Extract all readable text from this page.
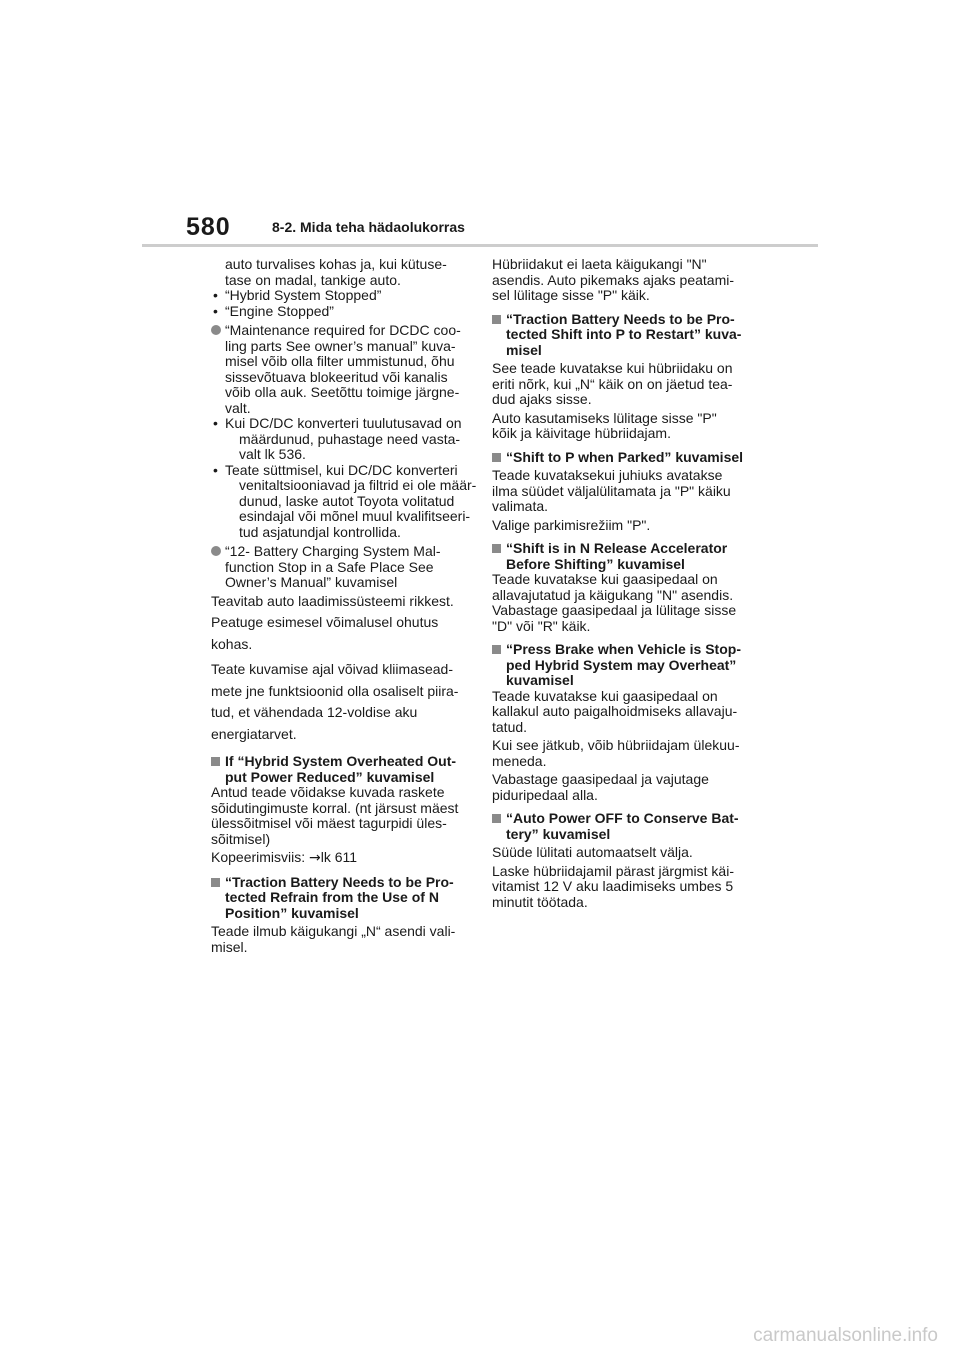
580	8-2. Mida teha hädaolukorras
auto turvalises kohas ja, kui kütuse-
tase on madal, tankige auto.
• “Hybrid System Stopped”
• “Engine Stopped”
“Maintenance required for DCDC coo-
ling parts See owner’s manual” kuva-
misel võib olla filter ummistunud, õhu
sissevõtuava blokeeritud või kanalis
võib olla auk. Seetõttu toimige järgne-
valt.
• Kui DC/DC konverteri tuulutusavad on
määrdunud, puhastage need vasta-
valt lk 536.
• Teate süttmisel, kui DC/DC konverteri
venitaltsiooniavad ja filtrid ei ole määr-
dunud, laske autot Toyota volitatud
esindajal või mõnel muul kvalifitseeri-
tud asjatundjal kontrollida.
“12- Battery Charging System Mal-
function Stop in a Safe Place See
Owner’s Manual” kuvamisel
Teavitab auto laadimissüsteemi rikkest.
Peatuge esimesel võimalusel ohutus
kohas.
Teate kuvamise ajal võivad kliimasead-
mete jne funktsioonid olla osaliselt piira-
tud, et vähendada 12-voldise aku
energiatarvet.
If “Hybrid System Overheated Out-
put Power Reduced” kuvamisel
Antud teade võidakse kuvada raskete
sõidutingimuste korral. (nt järsust mäest
ülessõitmisel või mäest tagurpidi üles-
sõitmisel)
Kopeerimisviis: →lk 611
“Traction Battery Needs to be Pro-
tected Refrain from the Use of N
Position” kuvamisel
Teade ilmub käigukangi „N“ asendi vali-
misel.
Hübriidakut ei laeta käigukangi "N"
asendis. Auto pikemaks ajaks peatami-
sel lülitage sisse "P" käik.
“Traction Battery Needs to be Pro-
tected Shift into P to Restart” kuva-
misel
See teade kuvatakse kui hübriidaku on
eriti nõrk, kui „N“ käik on on jäetud tea-
dud ajaks sisse.
Auto kasutamiseks lülitage sisse "P"
kõik ja käivitage hübriidajam.
“Shift to P when Parked” kuvamisel
Teade kuvataksekui juhiuks avatakse
ilma süüdet väljalülitamata ja "P" käiku
valimata.
Valige parkimisrežiim "P".
“Shift is in N Release Accelerator
Before Shifting” kuvamisel
Teade kuvatakse kui gaasipedaal on
allavajutatud ja käigukang "N" asendis.
Vabastage gaasipedaal ja lülitage sisse
"D" või "R" käik.
“Press Brake when Vehicle is Stop-
ped Hybrid System may Overheat”
kuvamisel
Teade kuvatakse kui gaasipedaal on
kallakul auto paigalhoidmiseks allavaju-
tatud.
Kui see jätkub, võib hübriidajam ülekuu-
meneda.
Vabastage gaasipedaal ja vajutage
piduripedaal alla.
“Auto Power OFF to Conserve Bat-
tery” kuvamisel
Süüde lülitati automaatselt välja.
Laske hübriidajamil pärast järgmist käi-
vitamist 12 V aku laadimiseks umbes 5
minutit töötada.
carmanualsonline.info
